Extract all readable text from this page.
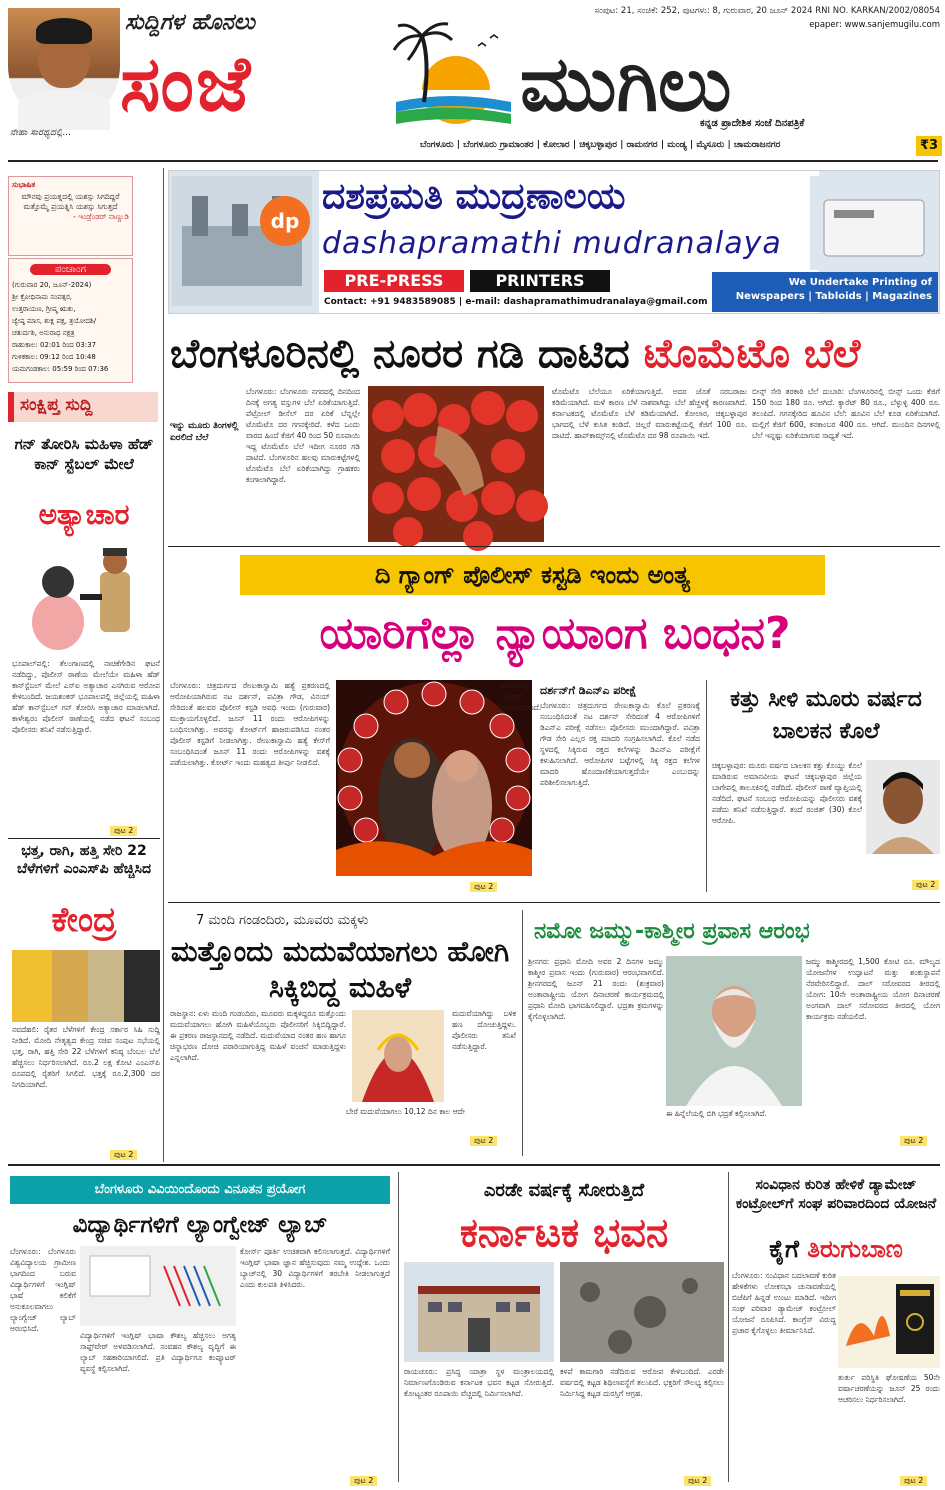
ನೇಹಾ ಸಾರಥ್ಯದಲ್ಲಿ...
ಸುದ್ದಿಗಳ ಹೊನಲು
ಸಂಜೆ	ಮುಗಿಲು
ಸಂಪುಟ: 21, ಸಂಚಿಕೆ: 252, ಪುಟಗಳು: 8, ಗುರುವಾರ, 20 ಜೂನ್ 2024 RNI NO. KARKAN/2002/08054
epaper: www.sanjemugilu.com
ಕನ್ನಡ ಪ್ರಾದೇಶಿಕ ಸಂಜೆ ದಿನಪತ್ರಿಕೆ
ಬೆಂಗಳೂರು | ಬೆಂಗಳೂರು ಗ್ರಾಮಾಂತರ | ಕೋಲಾರ | ಚಿಕ್ಕಬಳ್ಳಾಪುರ | ರಾಮನಗರ | ಮಂಡ್ಯ | ಮೈಸೂರು | ಚಾಮರಾಜನಗರ	₹3
ಸುಭಾಷಿತ
ಮೌನವು ಪ್ರಯತ್ನದಲ್ಲಿ ಯಶಸ್ಸು ಸಿಗದಿದ್ದರೆ ಮತ್ತೊಮ್ಮೆ ಪ್ರಯತ್ನಿಸಿ ಯಶಸ್ಸು ಸಿಗುತ್ತದೆ
- ಇಂಡ್ರೆಂಡರ್ ನಾಣ್ಣುಡಿ
ಪಂಚಾಂಗ
(ಗುರುವಾರ 20, ಜೂನ್-2024)
ಶ್ರೀ ಕ್ರೋಧಿನಾಮ ಸಂವತ್ಸರ,
ಉತ್ತರಾಯಣ, ಗ್ರೀಷ್ಮ ಋತು,
ಜ್ಯೇಷ್ಠ ಮಾಸ, ಶುಕ್ಲ ಪಕ್ಷ, ತ್ರಯೋದಶಿ/
ಚತುರ್ದಶಿ, ಅನುರಾಧ ನಕ್ಷತ್ರ
ರಾಹುಕಾಲ: 02:01 ರಿಂದ 03:37
ಗುಳಿಕಕಾಲ: 09:12 ರಿಂದ 10:48
ಯಮಗಂಡಕಾಲ: 05:59 ರಿಂದ 07:36
ಸಂಕ್ಷಿಪ್ತ ಸುದ್ದಿ
ಗನ್ ತೋರಿಸಿ ಮಹಿಳಾ ಹೆಡ್ ಕಾನ್ ಸ್ಟೆಬಲ್ ಮೇಲೆ
ಅತ್ಯಾಚಾರ
ಭೂಪಾಲ್‌ಪಲ್ಲಿ: ತೆಲಂಗಾಣದಲ್ಲಿ ನಾಚಿಕೆಗೇಡಿನ ಘಟನೆ ನಡೆದಿದ್ದು, ಪೊಲೀಸ್ ಠಾಣೆಯ ಮೇಲೆಯೇ ಮಹಿಳಾ ಹೆಡ್ ಕಾನ್‌ಸ್ಟೆಬಲ್ ಮೇಲೆ ಎಸ್‌ಐ ಅತ್ಯಾಚಾರ ಎಸಗಿರುವ ಆರೋಪ ಕೇಳಿಬಂದಿದೆ. ಜಯಶಂಕರ್ ಭೂಪಾಲಪಲ್ಲಿ ಜಿಲ್ಲೆಯಲ್ಲಿ ಮಹಿಳಾ ಹೆಡ್ ಕಾನ್‌ಸ್ಟೆಬಲ್ ಗನ್ ತೋರಿಸಿ ಅತ್ಯಾಚಾರ ಮಾಡಲಾಗಿದೆ. ಕಾಳೇಶ್ವರಂ ಪೊಲೀಸ್ ಠಾಣೆಯಲ್ಲಿ ನಡೆದ ಘಟನೆ ಸಂಬಂಧ ಪೊಲೀಸರು ತನಿಖೆ ನಡೆಸುತ್ತಿದ್ದಾರೆ.
ಪುಟ 2
ಭತ್ತ, ರಾಗಿ, ಹತ್ತಿ ಸೇರಿ 22 ಬೆಳೆಗಳಿಗೆ ಎಂಎಸ್‌ಪಿ ಹೆಚ್ಚಿಸಿದ
ಕೇಂದ್ರ
ನವದೆಹಲಿ: ರೈತರ ಬೆಳೆಗಳಿಗೆ ಕೇಂದ್ರ ಸರ್ಕಾರ ಸಿಹಿ ಸುದ್ದಿ ನೀಡಿದೆ. ಮೋದಿ ನೇತೃತ್ವದ ಕೇಂದ್ರ ಸಚಿವ ಸಂಪುಟ ಸಭೆಯಲ್ಲಿ ಭತ್ತ, ರಾಗಿ, ಹತ್ತಿ ಸೇರಿ 22 ಬೆಳೆಗಳಿಗೆ ಕನಿಷ್ಠ ಬೆಂಬಲ ಬೆಲೆ ಹೆಚ್ಚಿಸಲು ನಿರ್ಧರಿಸಲಾಗಿದೆ. ರೂ.2 ಲಕ್ಷ ಕೋಟಿ ಎಂಎಸ್‌ಪಿ ರೂಪದಲ್ಲಿ ರೈತರಿಗೆ ಸಿಗಲಿದೆ. ಭತ್ತಕ್ಕೆ ರೂ.2,300 ದರ ನಿಗದಿಯಾಗಿದೆ.
ಪುಟ 2
dp
ದಶಪ್ರಮತಿ ಮುದ್ರಣಾಲಯ
dashapramathi mudranalaya
PRE-PRESS	PRINTERS
Contact: +91 9483589085 | e-mail: dashapramathimudranalaya@gmail.com
We Undertake Printing of
Newspapers | Tabloids | Magazines
ಬೆಂಗಳೂರಿನಲ್ಲಿ ನೂರರ ಗಡಿ ದಾಟಿದ ಟೊಮೆಟೊ ಬೆಲೆ
ಬೆಂಗಳೂರು: ಬೆಂಗಳೂರು ನಗರದಲ್ಲಿ ದಿನದಿಂದ ದಿನಕ್ಕೆ ಅಗತ್ಯ ವಸ್ತುಗಳ ಬೆಲೆ ಏರಿಕೆಯಾಗುತ್ತಿದೆ. ಪೆಟ್ರೋಲ್ ಡೀಸೆಲ್ ದರ ಏರಿಕೆ ಬೆನ್ನಲ್ಲೇ ಟೊಮೆಟೊ ದರ ಗಗನಕ್ಕೇರಿದೆ. ಕಳೆದ ಒಂದು ವಾರದ ಹಿಂದೆ ಕೆಜಿಗೆ 40 ರಿಂದ 50 ರೂಪಾಯಿ ಇದ್ದ ಟೊಮೆಟೊ ಬೆಲೆ ಇದೀಗ ನೂರರ ಗಡಿ ದಾಟಿದೆ. ಬೆಂಗಳೂರಿನ ಹಲವು ಮಾರುಕಟ್ಟೆಗಳಲ್ಲಿ ಟೊಮೆಟೊ ಬೆಲೆ ಏರಿಕೆಯಾಗಿದ್ದು ಗ್ರಾಹಕರು ಕಂಗಾಲಾಗಿದ್ದಾರೆ.
ಇನ್ನು ಮೂರು ತಿಂಗಳಲ್ಲಿ ಏರಲಿದೆ ಬೆಲೆ
ಟೊಮೆಟೊ ಬೆಲೆಯೂ ಏರಿಕೆಯಾಗುತ್ತಿದೆ. ಅದರ ಜೊತೆ ಸರಬರಾಜು ಕಡಿಮೆಯಾಗಿದೆ. ಮಳೆ ಕಾರಣ ಬೆಳೆ ನಾಶವಾಗಿದ್ದು ಬೆಲೆ ಹೆಚ್ಚಳಕ್ಕೆ ಕಾರಣವಾಗಿದೆ. ಕರ್ನಾಟಕದಲ್ಲಿ ಟೊಮೆಟೊ ಬೆಳೆ ಕಡಿಮೆಯಾಗಿದೆ. ಕೋಲಾರ, ಚಿಕ್ಕಬಳ್ಳಾಪುರ ಭಾಗದಲ್ಲಿ ಬೆಳೆ ಕುಸಿತ ಕಂಡಿದೆ. ಚಿಲ್ಲರೆ ಮಾರುಕಟ್ಟೆಯಲ್ಲಿ ಕೆಜಿಗೆ 100 ರೂ. ದಾಟಿದೆ. ಹಾಪ್‌ಕಾಮ್ಸ್‌ನಲ್ಲಿ ಟೊಮೆಟೊ ದರ 98 ರೂಪಾಯಿ ಇದೆ.
ಬೀನ್ಸ್ ಸೇರಿ ತರಕಾರಿ ಬೆಲೆ ದುಬಾರಿ: ಬೆಂಗಳೂರಿನಲ್ಲಿ ಬೀನ್ಸ್ ಒಂದು ಕೆಜಿಗೆ 150 ರಿಂದ 180 ರೂ. ಆಗಿದೆ. ಕ್ಯಾರೆಟ್ 80 ರೂ., ಬೆಳ್ಳುಳ್ಳಿ 400 ರೂ. ತಲುಪಿದೆ. ಗಗನಕ್ಕೇರಿದ ಹೂವಿನ ಬೆಲೆ: ಹೂವಿನ ಬೆಲೆ ಕೂಡ ಏರಿಕೆಯಾಗಿದೆ. ಮಲ್ಲಿಗೆ ಕೆಜಿಗೆ 600, ಕನಕಾಂಬರ 400 ರೂ. ಆಗಿದೆ. ಮುಂದಿನ ದಿನಗಳಲ್ಲಿ ಬೆಲೆ ಇನ್ನಷ್ಟು ಏರಿಕೆಯಾಗುವ ಸಾಧ್ಯತೆ ಇದೆ.
ದಿ ಗ್ಯಾಂಗ್ ಪೊಲೀಸ್ ಕಸ್ಟಡಿ ಇಂದು ಅಂತ್ಯ
ಯಾರಿಗೆಲ್ಲಾ ನ್ಯಾಯಾಂಗ ಬಂಧನ?
ಬೆಂಗಳೂರು: ಚಿತ್ರದುರ್ಗದ ರೇಣುಕಾಸ್ವಾಮಿ ಹತ್ಯೆ ಪ್ರಕರಣದಲ್ಲಿ ಆರೋಪಿಯಾಗಿರುವ ನಟ ದರ್ಶನ್, ಪವಿತ್ರಾ ಗೌಡ, ವಿನಯ್ ಸೇರಿದಂತೆ ಹಲವರ ಪೊಲೀಸ್ ಕಸ್ಟಡಿ ಅವಧಿ ಇಂದು (ಗುರುವಾರ) ಮುಕ್ತಾಯಗೊಳ್ಳಲಿದೆ. ಜೂನ್ 11 ರಂದು ಆರೋಪಿಗಳನ್ನು ಬಂಧಿಸಲಾಗಿತ್ತು. ಅವರನ್ನು ಕೋರ್ಟ್‌ಗೆ ಹಾಜರುಪಡಿಸಿದ ನಂತರ ಪೊಲೀಸ್ ಕಸ್ಟಡಿಗೆ ನೀಡಲಾಗಿತ್ತು. ರೇಣುಕಾಸ್ವಾಮಿ ಹತ್ಯೆ ಕೇಸ್‌ಗೆ ಸಂಬಂಧಿಸಿದಂತೆ ಜೂನ್ 11 ರಂದು ಆರೋಪಿಗಳನ್ನು ವಶಕ್ಕೆ ಪಡೆಯಲಾಗಿತ್ತು. ಕೋರ್ಟ್ ಇಂದು ಮಹತ್ವದ ತೀರ್ಪು ನೀಡಲಿದೆ.
ಆರೋಪಿಗಳ ವಿಚಾರಣೆ ಮುಂದುವರಿದಿದೆ.
ದರ್ಶನ್‌ಗೆ ಡಿಎನ್ಎ ಪರೀಕ್ಷೆ
ಬೆಂಗಳೂರು: ಚಿತ್ರದುರ್ಗದ ರೇಣುಕಾಸ್ವಾಮಿ ಕೊಲೆ ಪ್ರಕರಣಕ್ಕೆ ಸಂಬಂಧಿಸಿದಂತೆ ನಟ ದರ್ಶನ್ ಸೇರಿದಂತೆ 4 ಆರೋಪಿಗಳಿಗೆ ಡಿಎನ್ಎ ಪರೀಕ್ಷೆ ನಡೆಸಲು ಪೊಲೀಸರು ಮುಂದಾಗಿದ್ದಾರೆ. ಪವಿತ್ರಾ ಗೌಡ ಸೇರಿ ಎಲ್ಲರ ರಕ್ತ ಮಾದರಿ ಸಂಗ್ರಹಿಸಲಾಗಿದೆ. ಕೊಲೆ ನಡೆದ ಸ್ಥಳದಲ್ಲಿ ಸಿಕ್ಕಿರುವ ರಕ್ತದ ಕಲೆಗಳನ್ನು ಡಿಎನ್ಎ ಪರೀಕ್ಷೆಗೆ ಕಳುಹಿಸಲಾಗಿದೆ. ಆರೋಪಿಗಳ ಬಟ್ಟೆಗಳಲ್ಲಿ ಸಿಕ್ಕ ರಕ್ತದ ಕಲೆಗಳ ಮಾದರಿ ಹೊಂದಾಣಿಕೆಯಾಗುತ್ತದೆಯೇ ಎಂಬುದನ್ನು ಪರಿಶೀಲಿಸಲಾಗುತ್ತಿದೆ.
ಪುಟ 2
ಕತ್ತು ಸೀಳಿ ಮೂರು ವರ್ಷದ ಬಾಲಕನ ಕೊಲೆ
ಚಿಕ್ಕಬಳ್ಳಾಪುರ: ಮೂರು ವರ್ಷದ ಬಾಲಕನ ಕತ್ತು ಕೊಯ್ದು ಕೊಲೆ ಮಾಡಿರುವ ಅಮಾನವೀಯ ಘಟನೆ ಚಿಕ್ಕಬಳ್ಳಾಪುರ ಜಿಲ್ಲೆಯ ಬಾಗೇಪಲ್ಲಿ ತಾಲೂಕಿನಲ್ಲಿ ನಡೆದಿದೆ. ಪೊಲೀಸ್ ಠಾಣೆ ವ್ಯಾಪ್ತಿಯಲ್ಲಿ ನಡೆದಿದೆ. ಘಟನೆ ಸಂಬಂಧ ಆರೋಪಿಯನ್ನು ಪೊಲೀಸರು ವಶಕ್ಕೆ ಪಡೆದು ತನಿಖೆ ನಡೆಸುತ್ತಿದ್ದಾರೆ. ತಂದೆ ರಂಜಿತ್ (30) ಕೊಲೆ ಆರೋಪಿ.
ಪುಟ 2
7 ಮಂದಿ ಗಂಡಂದಿರು, ಮೂವರು ಮಕ್ಕಳು
ಮತ್ತೊಂದು ಮದುವೆಯಾಗಲು ಹೋಗಿ ಸಿಕ್ಕಿಬಿದ್ದ ಮಹಿಳೆ
ರಾಜಸ್ಥಾನ: ಏಳು ಮಂದಿ ಗಂಡಂದಿರು, ಮೂವರು ಮಕ್ಕಳಿದ್ದರೂ ಮತ್ತೊಂದು ಮದುವೆಯಾಗಲು ಹೋಗಿ ಮಹಿಳೆಯೊಬ್ಬರು ಪೊಲೀಸರಿಗೆ ಸಿಕ್ಕಿಬಿದ್ದಿದ್ದಾರೆ. ಈ ಪ್ರಕರಣ ರಾಜಸ್ಥಾನದಲ್ಲಿ ನಡೆದಿದೆ. ಮದುವೆಯಾದ ನಂತರ ಹಣ ಹಾಗೂ ಚಿನ್ನಾಭರಣ ದೋಚಿ ಪರಾರಿಯಾಗುತ್ತಿದ್ದ ಮಹಿಳೆ ವಂಚನೆ ಮಾಡುತ್ತಿದ್ದಳು ಎನ್ನಲಾಗಿದೆ.
ಮದುವೆಯಾಗಿದ್ದು ಬಳಿಕ ಹಣ ದೋಚುತ್ತಿದ್ದಳು. ಪೊಲೀಸರು ತನಿಖೆ ನಡೆಸುತ್ತಿದ್ದಾರೆ.
ಬೇರೆ ಮದುವೆಯಾಗಲು 10,12 ದಿನ ಕಾಲ ಆದೇ
ಪುಟ 2
ನಮೋ ಜಮ್ಮು-ಕಾಶ್ಮೀರ ಪ್ರವಾಸ ಆರಂಭ
ಶ್ರೀನಗರ: ಪ್ರಧಾನಿ ಮೋದಿ ಅವರ 2 ದಿನಗಳ ಜಮ್ಮು ಕಾಶ್ಮೀರ ಪ್ರವಾಸ ಇಂದು (ಗುರುವಾರ) ಆರಂಭವಾಗಲಿದೆ. ಶ್ರೀನಗರದಲ್ಲಿ ಜೂನ್ 21 ರಂದು (ಶುಕ್ರವಾರ) ಅಂತಾರಾಷ್ಟ್ರೀಯ ಯೋಗ ದಿನಾಚರಣೆ ಕಾರ್ಯಕ್ರಮದಲ್ಲಿ ಪ್ರಧಾನಿ ಮೋದಿ ಭಾಗವಹಿಸಲಿದ್ದಾರೆ. ಭದ್ರತಾ ಕ್ರಮಗಳನ್ನು ಕೈಗೊಳ್ಳಲಾಗಿದೆ.
ಈ ಹಿನ್ನೆಲೆಯಲ್ಲಿ ಬಿಗಿ ಭದ್ರತೆ ಕಲ್ಪಿಸಲಾಗಿದೆ.
ಜಮ್ಮು ಕಾಶ್ಮೀರದಲ್ಲಿ 1,500 ಕೋಟಿ ರೂ. ಮೌಲ್ಯದ ಯೋಜನೆಗಳ ಉದ್ಘಾಟನೆ ಮತ್ತು ಶಂಕುಸ್ಥಾಪನೆ ನೆರವೇರಿಸಲಿದ್ದಾರೆ. ದಾಲ್ ಸರೋವರದ ತೀರದಲ್ಲಿ ಯೋಗ: 10ನೇ ಅಂತಾರಾಷ್ಟ್ರೀಯ ಯೋಗ ದಿನಾಚರಣೆ ಅಂಗವಾಗಿ ದಾಲ್ ಸರೋವರದ ತೀರದಲ್ಲಿ ಯೋಗ ಕಾರ್ಯಕ್ರಮ ನಡೆಯಲಿದೆ.
ಪುಟ 2
ಬೆಂಗಳೂರು ವಿವಿಯಿಂದೊಂದು ವಿನೂತನ ಪ್ರಯೋಗ
ವಿದ್ಯಾರ್ಥಿಗಳಿಗೆ ಲ್ಯಾಂಗ್ವೇಜ್ ಲ್ಯಾಬ್
ಬೆಂಗಳೂರು: ಬೆಂಗಳೂರು ವಿಶ್ವವಿದ್ಯಾಲಯ ಗ್ರಾಮೀಣ ಭಾಗದಿಂದ ಬರುವ ವಿದ್ಯಾರ್ಥಿಗಳಿಗೆ ಇಂಗ್ಲಿಷ್ ಭಾಷೆ ಕಲಿಕೆಗೆ ಅನುಕೂಲವಾಗಲು ಲ್ಯಾಂಗ್ವೇಜ್ ಲ್ಯಾಬ್ ಆರಂಭಿಸಿದೆ.
ವಿದ್ಯಾರ್ಥಿಗಳಿಗೆ ಇಂಗ್ಲಿಷ್ ಭಾಷಾ ಕೌಶಲ್ಯ ಹೆಚ್ಚಿಸಲು ಅಗತ್ಯ ಸಾಫ್ಟ್‌ವೇರ್ ಅಳವಡಿಸಲಾಗಿದೆ. ಸಂವಹನ ಕೌಶಲ್ಯ ವೃದ್ಧಿಗೆ ಈ ಲ್ಯಾಬ್ ಸಹಕಾರಿಯಾಗಲಿದೆ. ಪ್ರತಿ ವಿದ್ಯಾರ್ಥಿಗೂ ಕಂಪ್ಯೂಟರ್ ವ್ಯವಸ್ಥೆ ಕಲ್ಪಿಸಲಾಗಿದೆ.
ಕೋರ್ಸ್ ಪೂರ್ತಿ ಉಚಿತವಾಗಿ ಕಲಿಸಲಾಗುತ್ತದೆ. ವಿದ್ಯಾರ್ಥಿಗಳಿಗೆ ಇಂಗ್ಲಿಷ್ ಭಾಷಾ ಜ್ಞಾನ ಹೆಚ್ಚಿಸುವುದು ನಮ್ಮ ಉದ್ದೇಶ. ಒಂದು ಬ್ಯಾಚ್‌ನಲ್ಲಿ 30 ವಿದ್ಯಾರ್ಥಿಗಳಿಗೆ ತರಬೇತಿ ನೀಡಲಾಗುತ್ತದೆ ಎಂದು ಕುಲಪತಿ ತಿಳಿಸಿದರು.
ಪುಟ 2
ಎರಡೇ ವರ್ಷಕ್ಕೆ ಸೋರುತ್ತಿದೆ
ಕರ್ನಾಟಕ ಭವನ
ರಾಯಚೂರು: ಪ್ರಸಿದ್ಧ ಯಾತ್ರಾ ಸ್ಥಳ ಮಂತ್ರಾಲಯದಲ್ಲಿ ನಿರ್ಮಾಣಗೊಂಡಿರುವ ಕರ್ನಾಟಕ ಭವನ ಕಟ್ಟಡ ಸೋರುತ್ತಿದೆ. ಕೋಟ್ಯಂತರ ರೂಪಾಯಿ ವೆಚ್ಚದಲ್ಲಿ ನಿರ್ಮಿಸಲಾಗಿದೆ.
ಕಳಪೆ ಕಾಮಗಾರಿ ನಡೆದಿರುವ ಆರೋಪ ಕೇಳಿಬಂದಿದೆ. ಎರಡೇ ವರ್ಷದಲ್ಲಿ ಕಟ್ಟಡ ಶಿಥಿಲಾವಸ್ಥೆಗೆ ತಲುಪಿದೆ. ಭಕ್ತರಿಗೆ ಸೌಲಭ್ಯ ಕಲ್ಪಿಸಲು ನಿರ್ಮಿಸಿದ್ದ ಕಟ್ಟಡ ದುರಸ್ತಿಗೆ ಆಗ್ರಹ.
ಪುಟ 2
ಸಂವಿಧಾನ ಕುರಿತ ಹೇಳಿಕೆ ಡ್ಯಾಮೇಜ್ ಕಂಟ್ರೋಲ್‌ಗೆ ಸಂಘ ಪರಿವಾರದಿಂದ ಯೋಜನೆ
ಕೈಗೆ ತಿರುಗುಬಾಣ
ಬೆಂಗಳೂರು: ಸಂವಿಧಾನ ಬದಲಾವಣೆ ಕುರಿತ ಹೇಳಿಕೆಗಳು ಲೋಕಸಭಾ ಚುನಾವಣೆಯಲ್ಲಿ ಬಿಜೆಪಿಗೆ ಹಿನ್ನಡೆ ಉಂಟು ಮಾಡಿದೆ. ಇದೀಗ ಸಂಘ ಪರಿವಾರ ಡ್ಯಾಮೇಜ್ ಕಂಟ್ರೋಲ್ ಯೋಜನೆ ರೂಪಿಸಿದೆ. ಕಾಂಗ್ರೆಸ್ ವಿರುದ್ಧ ಪ್ರಚಾರ ಕೈಗೊಳ್ಳಲು ತೀರ್ಮಾನಿಸಿದೆ.
ತುರ್ತು ಪರಿಸ್ಥಿತಿ ಘೋಷಣೆಯ 50ನೇ ವರ್ಷಾಚರಣೆಯನ್ನು ಜೂನ್ 25 ರಂದು ಆಚರಿಸಲು ನಿರ್ಧರಿಸಲಾಗಿದೆ.
ಪುಟ 2
